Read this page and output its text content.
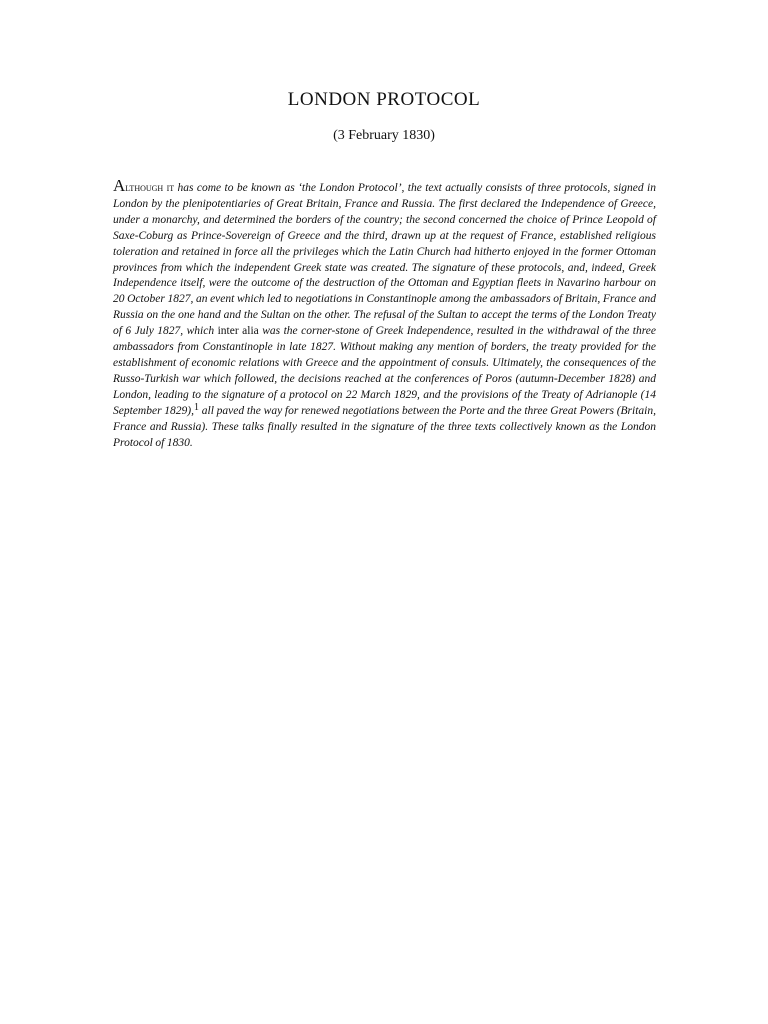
LONDON PROTOCOL

(3 February 1830)

Although it has come to be known as ‘the London Protocol’, the text actually consists of three protocols, signed in London by the plenipotentiaries of Great Britain, France and Russia. The first declared the Independence of Greece, under a monarchy, and determined the borders of the country; the second concerned the choice of Prince Leopold of Saxe-Coburg as Prince-Sovereign of Greece and the third, drawn up at the request of France, established religious toleration and retained in force all the privileges which the Latin Church had hitherto enjoyed in the former Ottoman provinces from which the independent Greek state was created. The signature of these protocols, and, indeed, Greek Independence itself, were the outcome of the destruction of the Ottoman and Egyptian fleets in Navarino harbour on 20 October 1827, an event which led to negotiations in Constantinople among the ambassadors of Britain, France and Russia on the one hand and the Sultan on the other. The refusal of the Sultan to accept the terms of the London Treaty of 6 July 1827, which inter alia was the corner-stone of Greek Independence, resulted in the withdrawal of the three ambassadors from Constantinople in late 1827. Without making any mention of borders, the treaty provided for the establishment of economic relations with Greece and the appointment of consuls. Ultimately, the consequences of the Russo-Turkish war which followed, the decisions reached at the conferences of Poros (autumn-December 1828) and London, leading to the signature of a protocol on 22 March 1829, and the provisions of the Treaty of Adrianople (14 September 1829),$^1$ all paved the way for renewed negotiations between the Porte and the three Great Powers (Britain, France and Russia). These talks finally resulted in the signature of the three texts collectively known as the London Protocol of 1830.
